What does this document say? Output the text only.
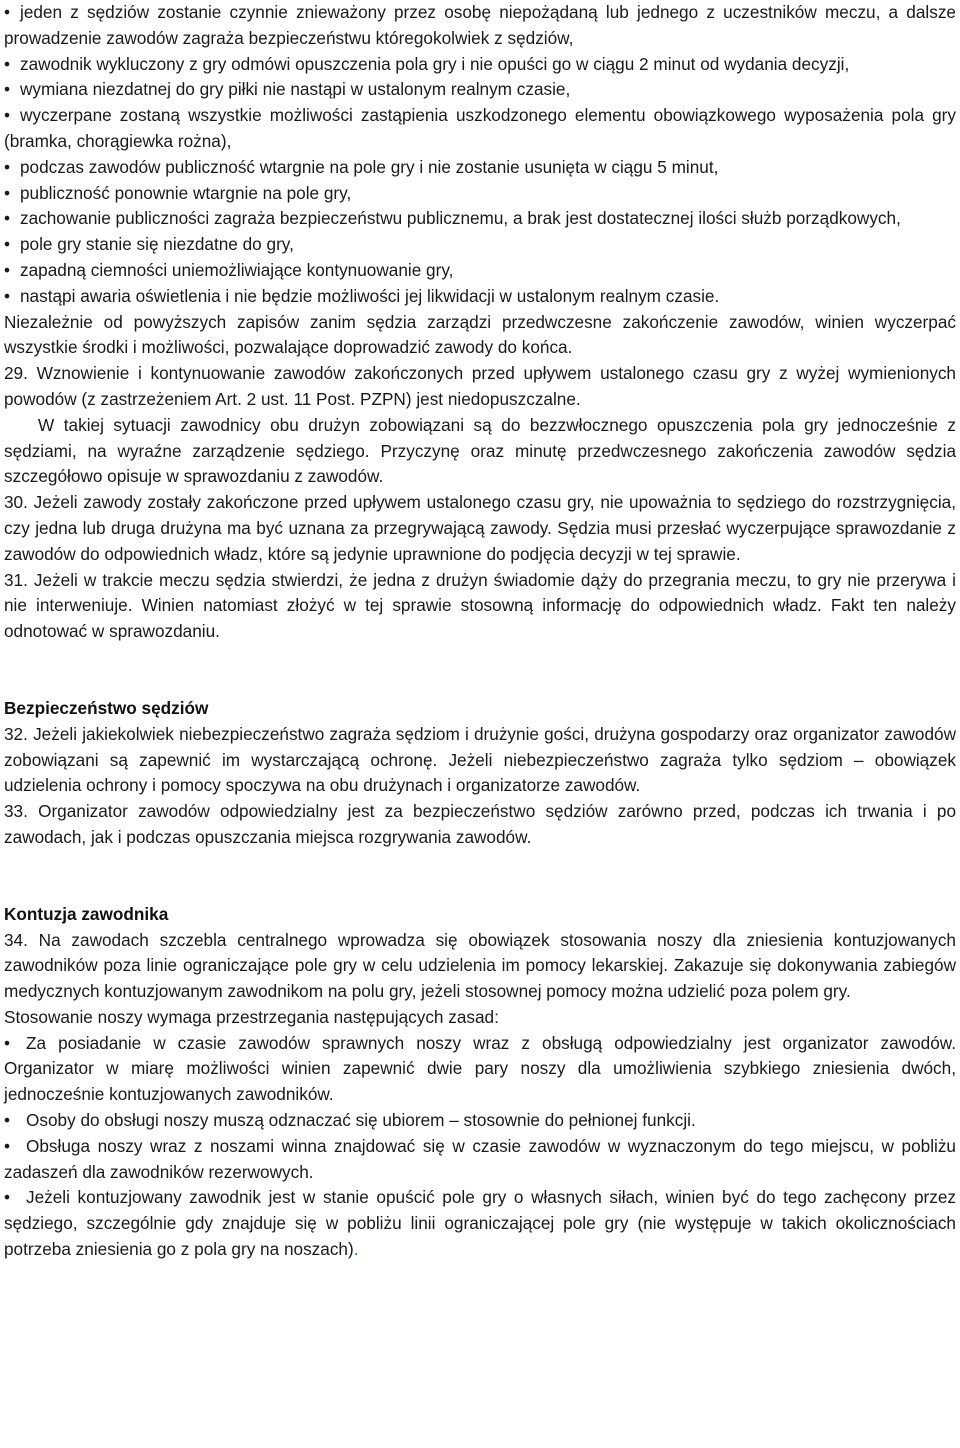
• jeden z sędziów zostanie czynnie znieważony przez osobę niepożądaną lub jednego z uczestników meczu, a dalsze prowadzenie zawodów zagraża bezpieczeństwu któregokolwiek z sędziów,

• zawodnik wykluczony z gry odmówi opuszczenia pola gry i nie opuści go w ciągu 2 minut od wydania decyzji,

• wymiana niezdatnej do gry piłki nie nastąpi w ustalonym realnym czasie,

• wyczerpane zostaną wszystkie możliwości zastąpienia uszkodzonego elementu obowiązkowego wyposażenia pola gry (bramka, chorągiewka rożna),

• podczas zawodów publiczność wtargnie na pole gry i nie zostanie usunięta w ciągu 5 minut,

• publiczność ponownie wtargnie na pole gry,

• zachowanie publiczności zagraża bezpieczeństwu publicznemu, a brak jest dostatecznej ilości służb porządkowych,

• pole gry stanie się niezdatne do gry,

• zapadną ciemności uniemożliwiające kontynuowanie gry,

• nastąpi awaria oświetlenia i nie będzie możliwości jej likwidacji w ustalonym realnym czasie.

Niezależnie od powyższych zapisów zanim sędzia zarządzi przedwczesne zakończenie zawodów, winien wyczerpać wszystkie środki i możliwości, pozwalające doprowadzić zawody do końca.

29. Wznowienie i kontynuowanie zawodów zakończonych przed upływem ustalonego czasu gry z wyżej wymienionych powodów (z zastrzeżeniem Art. 2 ust. 11 Post. PZPN) jest niedopuszczalne.

W takiej sytuacji zawodnicy obu drużyn zobowiązani są do bezzwłocznego opuszczenia pola gry jednocześnie z sędziami, na wyraźne zarządzenie sędziego. Przyczynę oraz minutę przedwczesnego zakończenia zawodów sędzia szczegółowo opisuje w sprawozdaniu z zawodów.

30. Jeżeli zawody zostały zakończone przed upływem ustalonego czasu gry, nie upoważnia to sędziego do rozstrzygnięcia, czy jedna lub druga drużyna ma być uznana za przegrywającą zawody. Sędzia musi przesłać wyczerpujące sprawozdanie z zawodów do odpowiednich władz, które są jedynie uprawnione do podjęcia decyzji w tej sprawie.

31. Jeżeli w trakcie meczu sędzia stwierdzi, że jedna z drużyn świadomie dąży do przegrania meczu, to gry nie przerywa i nie interweniuje. Winien natomiast złożyć w tej sprawie stosowną informację do odpowiednich władz. Fakt ten należy odnotować w sprawozdaniu.

Bezpieczeństwo sędziów

32. Jeżeli jakiekolwiek niebezpieczeństwo zagraża sędziom i drużynie gości, drużyna gospodarzy oraz organizator zawodów zobowiązani są zapewnić im wystarczającą ochronę. Jeżeli niebezpieczeństwo zagraża tylko sędziom – obowiązek udzielenia ochrony i pomocy spoczywa na obu drużynach i organizatorze zawodów.

33. Organizator zawodów odpowiedzialny jest za bezpieczeństwo sędziów zarówno przed, podczas ich trwania i po zawodach, jak i podczas opuszczania miejsca rozgrywania zawodów.

Kontuzja zawodnika

34. Na zawodach szczebla centralnego wprowadza się obowiązek stosowania noszy dla zniesienia kontuzjowanych zawodników poza linie ograniczające pole gry w celu udzielenia im pomocy lekarskiej. Zakazuje się dokonywania zabiegów medycznych kontuzjowanym zawodnikom na polu gry, jeżeli stosownej pomocy można udzielić poza polem gry.

Stosowanie noszy wymaga przestrzegania następujących zasad:

• Za posiadanie w czasie zawodów sprawnych noszy wraz z obsługą odpowiedzialny jest organizator zawodów. Organizator w miarę możliwości winien zapewnić dwie pary noszy dla umożliwienia szybkiego zniesienia dwóch, jednocześnie kontuzjowanych zawodników.

• Osoby do obsługi noszy muszą odznaczać się ubiorem – stosownie do pełnionej funkcji.

• Obsługa noszy wraz z noszami winna znajdować się w czasie zawodów w wyznaczonym do tego miejscu, w pobliżu zadaszeń dla zawodników rezerwowych.

• Jeżeli kontuzjowany zawodnik jest w stanie opuścić pole gry o własnych siłach, winien być do tego zachęcony przez sędziego, szczególnie gdy znajduje się w pobliżu linii ograniczającej pole gry (nie występuje w takich okolicznościach potrzeba zniesienia go z pola gry na noszach).
